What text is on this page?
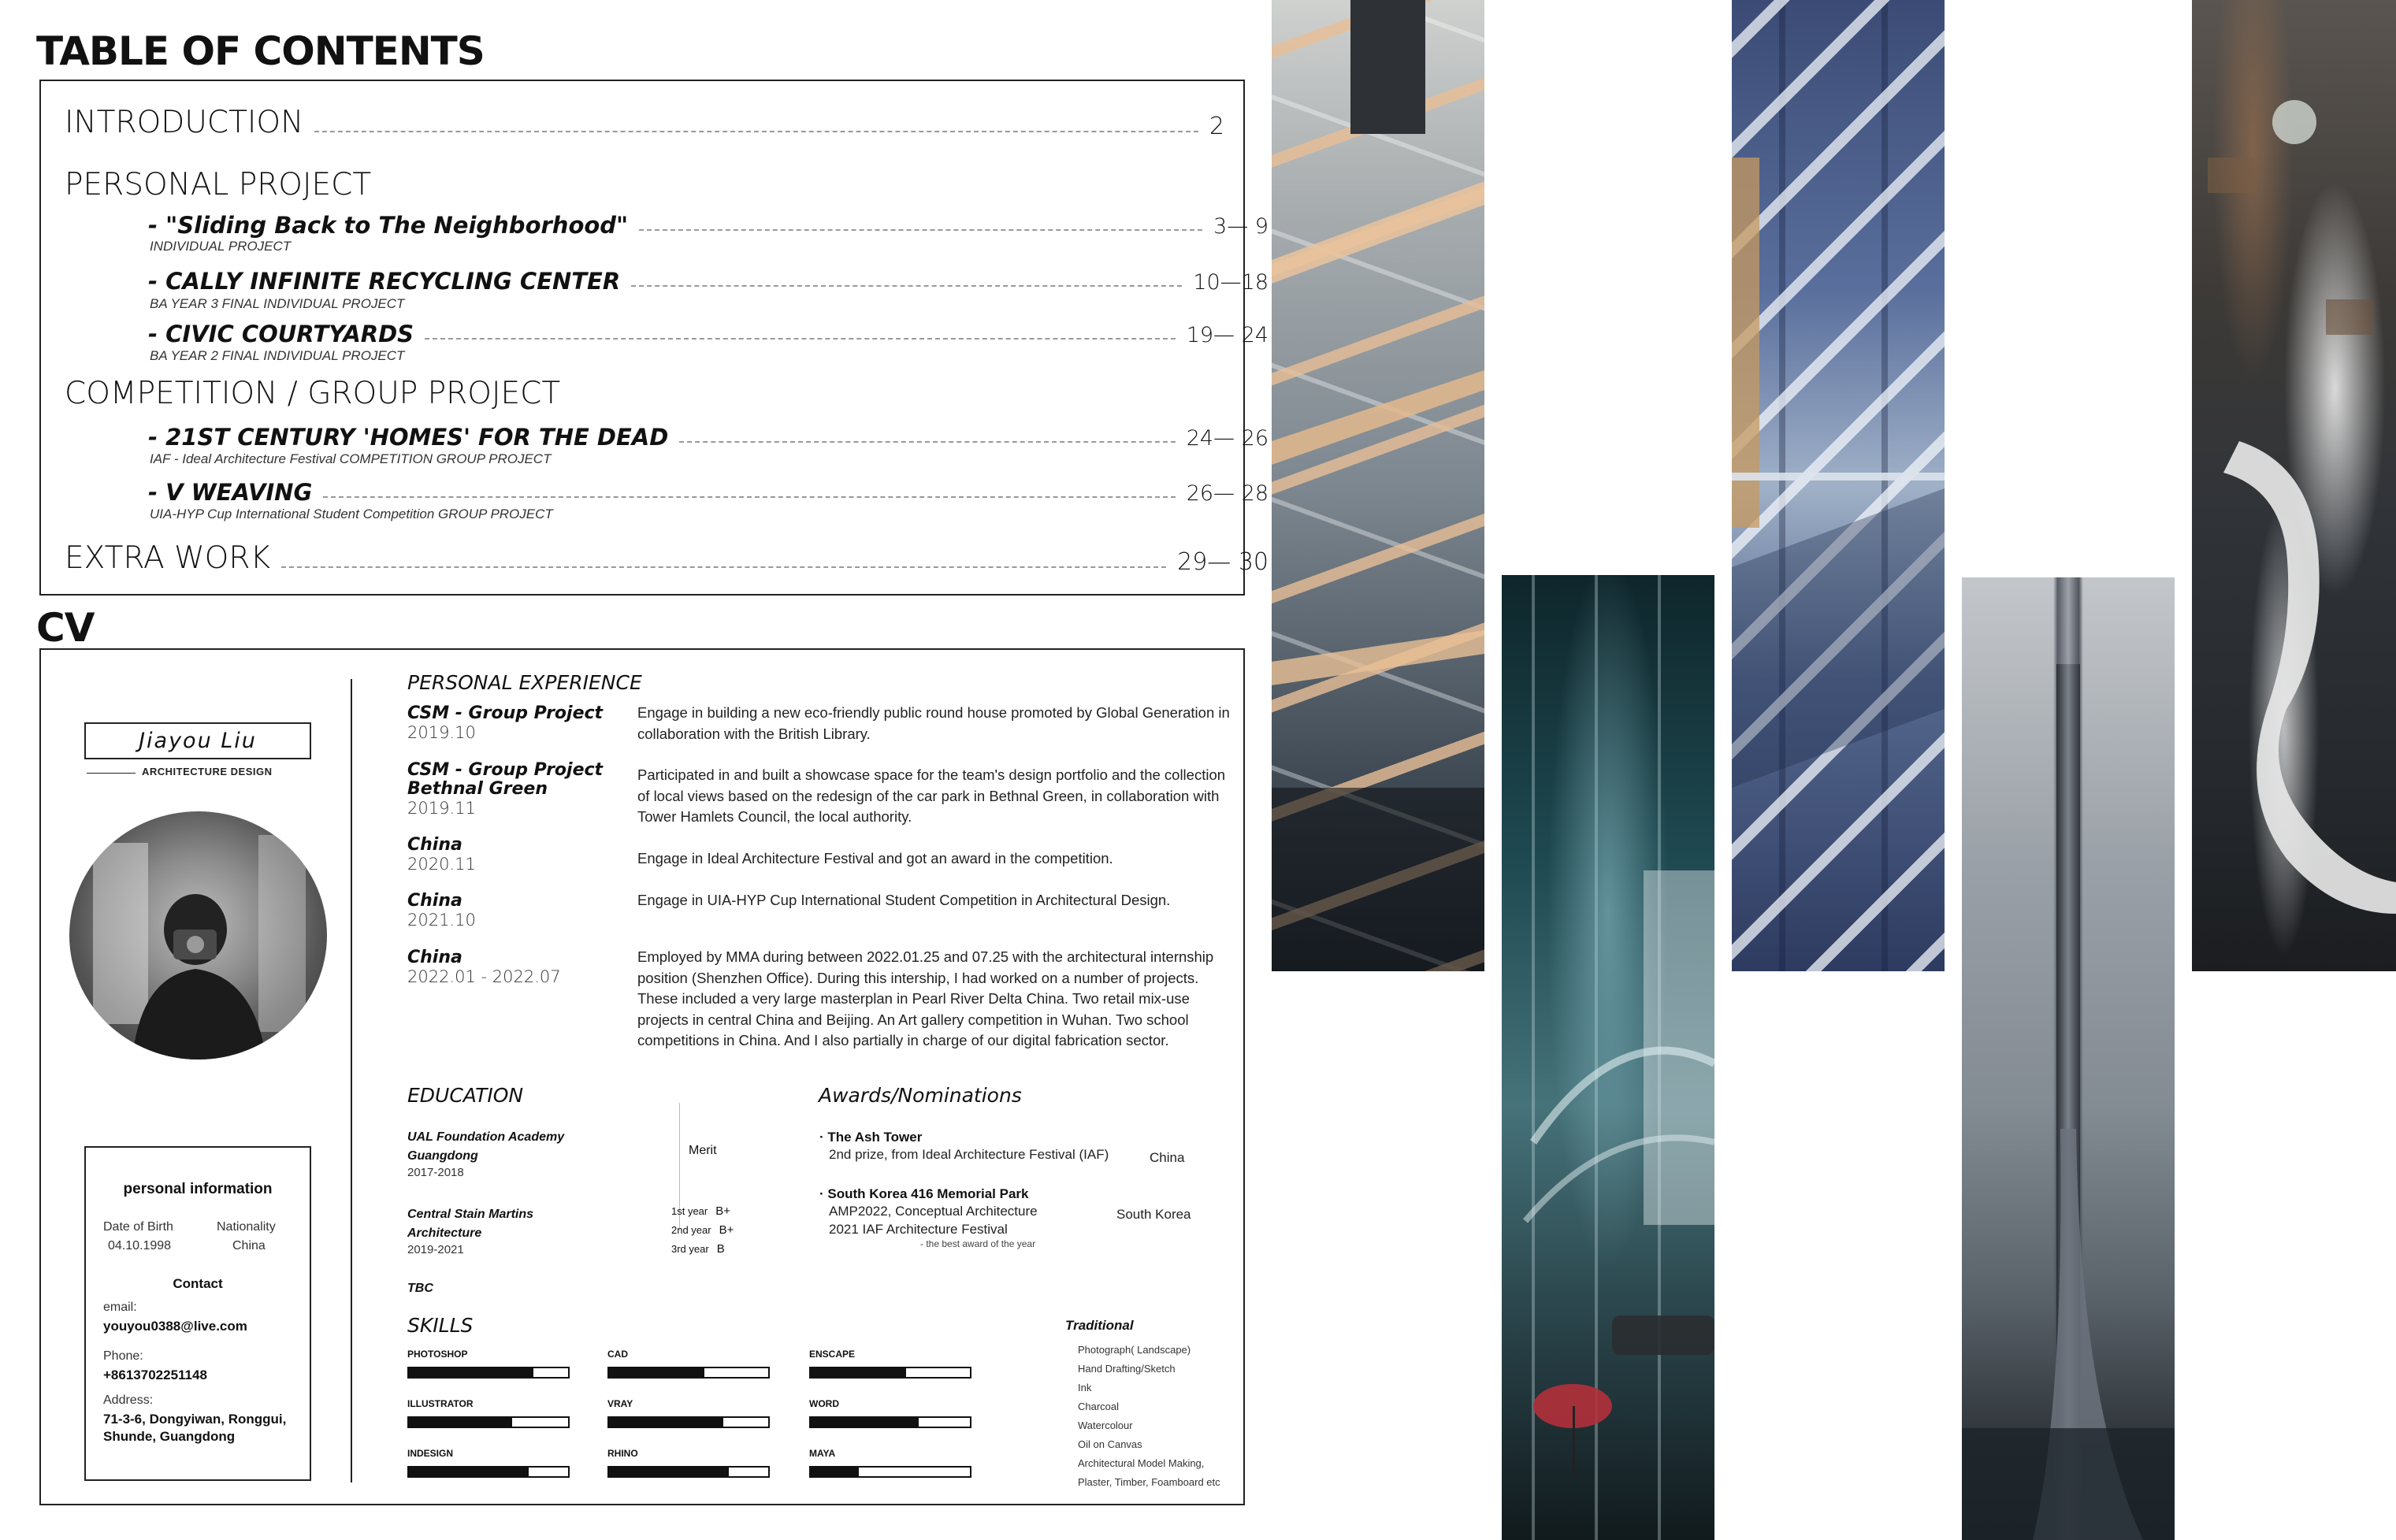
TABLE OF CONTENTS
INTRODUCTION	2
PERSONAL PROJECT
- "Sliding Back to The Neighborhood"	3— 9
INDIVIDUAL PROJECT
- CALLY INFINITE RECYCLING CENTER	10—18
BA YEAR 3 FINAL INDIVIDUAL PROJECT
- CIVIC COURTYARDS	19— 24
BA YEAR 2 FINAL INDIVIDUAL PROJECT
COMPETITION / GROUP PROJECT
- 21ST CENTURY 'HOMES' FOR THE DEAD	24— 26
IAF - Ideal Architecture Festival COMPETITION GROUP PROJECT
- V WEAVING	26— 28
UIA-HYP Cup International Student Competition GROUP PROJECT
EXTRA WORK	29— 30
CV
Jiayou Liu
ARCHITECTURE DESIGN
personal information
Date of Birth
04.10.1998
Nationality
China
Contact
email:
youyou0388@live.com
Phone:
+8613702251148
Address:
71-3-6, Dongyiwan, Ronggui,
Shunde, Guangdong
PERSONAL EXPERIENCE
CSM - Group Project
2019.10
Engage in building a new eco-friendly public round house promoted by Global Generation in collaboration with the British Library.
CSM - Group Project
Bethnal Green
2019.11
Participated in and built a showcase space for the team's design portfolio and the collection of local views based on the redesign of the car park in Bethnal Green, in collaboration with Tower Hamlets Council, the local authority.
China
2020.11	Engage in Ideal Architecture Festival and got an award in the competition.
China
2021.10
Engage in UIA-HYP Cup International Student Competition in Architectural Design.
China
2022.01 - 2022.07
Employed by MMA during between 2022.01.25 and 07.25 with the architectural internship position (Shenzhen Office). During this intership, I had worked on a number of projects. These included a very large masterplan in Pearl River Delta China. Two retail mix-use projects in central China and Beijing. An Art gallery competition in Wuhan. Two school competitions in China. And I also partially in charge of our digital fabrication sector.
EDUCATION
UAL Foundation Academy
Guangdong
2017-2018
Merit
Central Stain Martins
Architecture
2019-2021
1st year B+
2nd year B+
3rd year B
TBC
Awards/Nominations
· The Ash Tower
2nd prize, from Ideal Architecture Festival (IAF)	China
· South Korea 416 Memorial Park
AMP2022, Conceptual Architecture
2021 IAF Architecture Festival
- the best award of the year
South Korea
SKILLS
PHOTOSHOP	CAD	ENSCAPE
ILLUSTRATOR	VRAY	WORD
INDESIGN	RHINO	MAYA
Traditional
Photograph( Landscape)
Hand Drafting/Sketch
Ink
Charcoal
Watercolour
Oil on Canvas
Architectural Model Making,
Plaster, Timber, Foamboard etc
